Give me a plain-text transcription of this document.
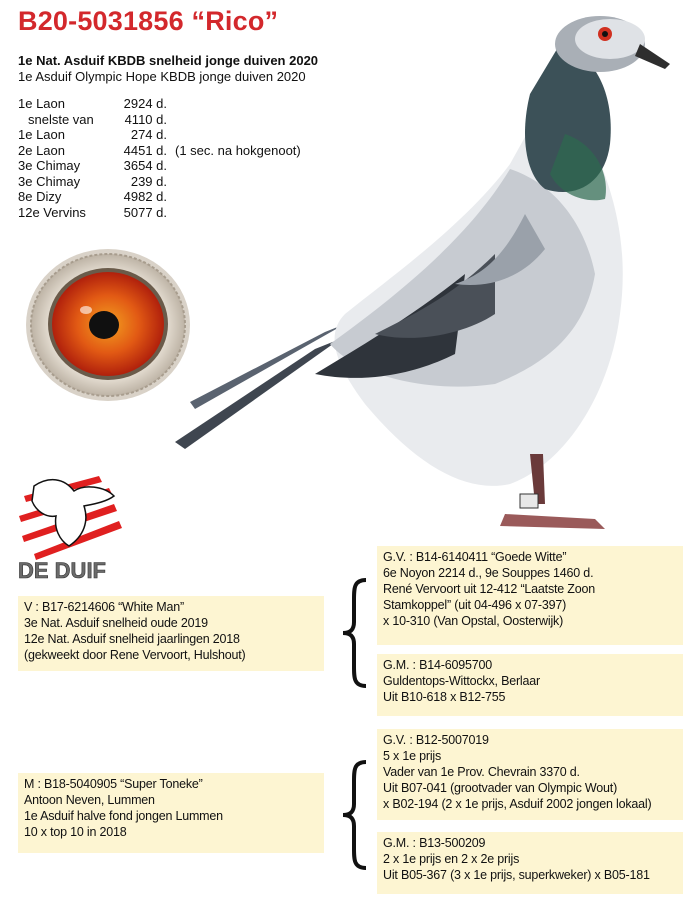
B20-5031856 “Rico”
1e Nat. Asduif KBDB snelheid jonge duiven 2020
1e Asduif Olympic Hope KBDB jonge duiven 2020
1e Laon	2924 d.
snelste van	4110 d.
1e Laon	274 d.
2e Laon	4451 d. (1 sec. na hokgenoot)
3e Chimay	3654 d.
3e Chimay	239 d.
8e Dizy	4982 d.
12e Vervins	5077 d.
DE DUIF
G.V. : B14-6140411 “Goede Witte”
6e Noyon 2214 d., 9e Souppes 1460 d.
René Vervoort uit 12-412 “Laatste Zoon
Stamkoppel” (uit 04-496 x 07-397)
x 10-310 (Van Opstal, Oosterwijk)
G.M. : B14-6095700
Guldentops-Wittockx, Berlaar
Uit B10-618 x B12-755
V : B17-6214606 “White Man”
3e Nat. Asduif snelheid oude 2019
12e Nat. Asduif snelheid jaarlingen 2018
(gekweekt door Rene Vervoort, Hulshout)
G.V. : B12-5007019
5 x 1e prijs
Vader van 1e Prov. Chevrain 3370 d.
Uit B07-041 (grootvader van Olympic Wout)
x B02-194 (2 x 1e prijs, Asduif 2002 jongen lokaal)
G.M. : B13-500209
2 x 1e prijs en 2 x 2e prijs
Uit B05-367 (3 x 1e prijs, superkweker) x B05-181
M : B18-5040905 “Super Toneke”
Antoon Neven, Lummen
1e Asduif halve fond jongen Lummen
10 x top 10 in 2018
